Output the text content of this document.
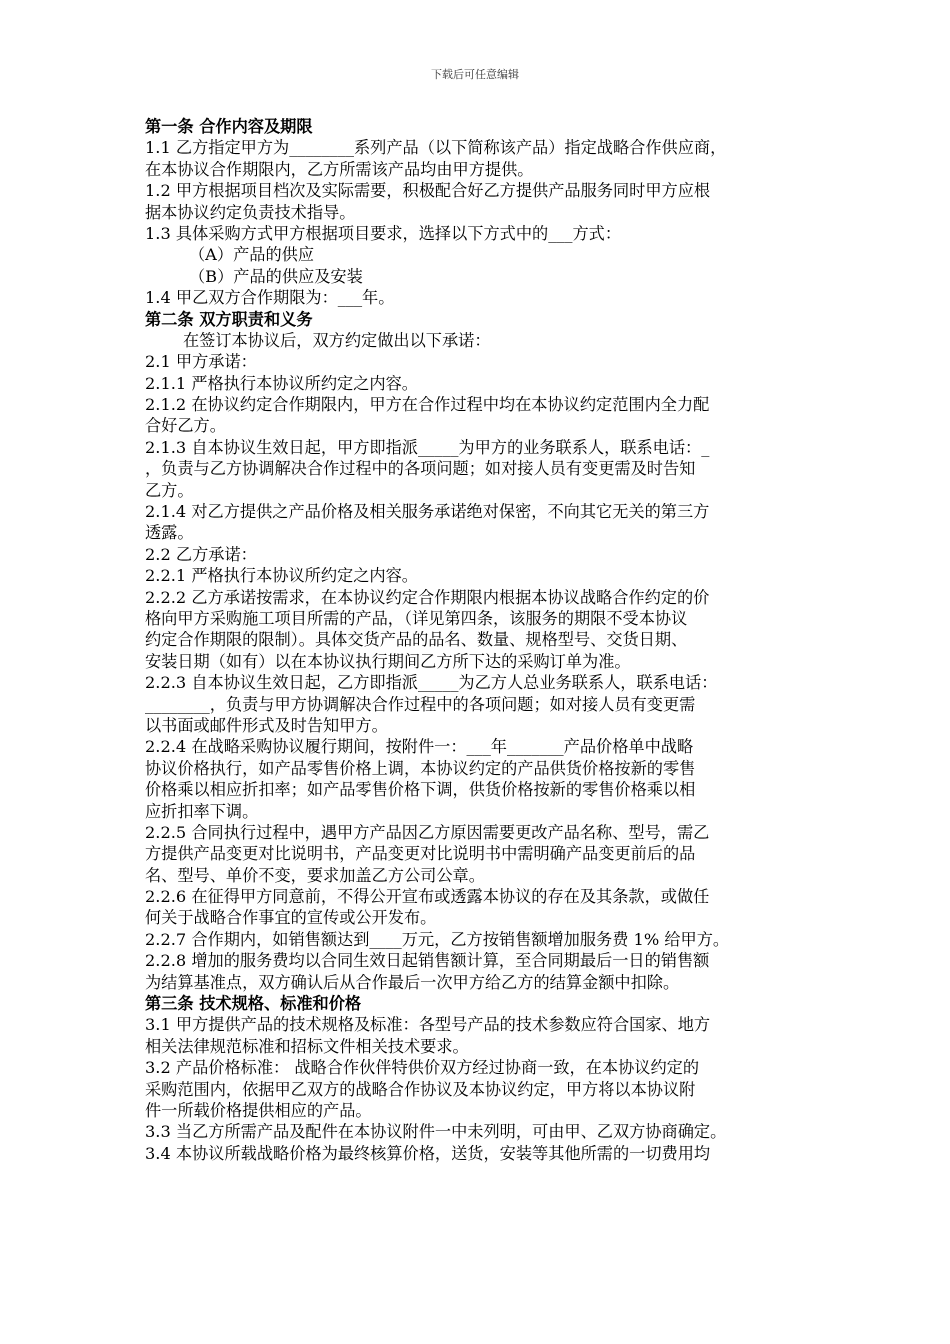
下载后可任意编辑
第一条 合作内容及期限
1.1 乙方指定甲方为________系列产品（以下简称该产品）指定战略合作供应商，
在本协议合作期限内，乙方所需该产品均由甲方提供。
1.2 甲方根据项目档次及实际需要，积极配合好乙方提供产品服务同时甲方应根
据本协议约定负责技术指导。
1.3 具体采购方式甲方根据项目要求，选择以下方式中的___方式：
（A）产品的供应
（B）产品的供应及安装
1.4 甲乙双方合作期限为：___年。
第二条 双方职责和义务
在签订本协议后，双方约定做出以下承诺：
2.1 甲方承诺：
2.1.1 严格执行本协议所约定之内容。
2.1.2 在协议约定合作期限内，甲方在合作过程中均在本协议约定范围内全力配
合好乙方。
2.1.3 自本协议生效日起，甲方即指派_____为甲方的业务联系人，联系电话：_
，负责与乙方协调解决合作过程中的各项问题；如对接人员有变更需及时告知
乙方。
2.1.4 对乙方提供之产品价格及相关服务承诺绝对保密，不向其它无关的第三方
透露。
2.2 乙方承诺：
2.2.1 严格执行本协议所约定之内容。
2.2.2 乙方承诺按需求，在本协议约定合作期限内根据本协议战略合作约定的价
格向甲方采购施工项目所需的产品，（详见第四条，该服务的期限不受本协议
约定合作期限的限制）。具体交货产品的品名、数量、规格型号、交货日期、
安装日期（如有）以在本协议执行期间乙方所下达的采购订单为准。
2.2.3 自本协议生效日起，乙方即指派_____为乙方人总业务联系人，联系电话：
________，负责与甲方协调解决合作过程中的各项问题；如对接人员有变更需
以书面或邮件形式及时告知甲方。
2.2.4 在战略采购协议履行期间，按附件一：___年_______产品价格单中战略
协议价格执行，如产品零售价格上调，本协议约定的产品供货价格按新的零售
价格乘以相应折扣率；如产品零售价格下调，供货价格按新的零售价格乘以相
应折扣率下调。
2.2.5 合同执行过程中，遇甲方产品因乙方原因需要更改产品名称、型号，需乙
方提供产品变更对比说明书，产品变更对比说明书中需明确产品变更前后的品
名、型号、单价不变，要求加盖乙方公司公章。
2.2.6 在征得甲方同意前，不得公开宣布或透露本协议的存在及其条款，或做任
何关于战略合作事宜的宣传或公开发布。
2.2.7 合作期内，如销售额达到____万元，乙方按销售额增加服务费 1% 给甲方。
2.2.8 增加的服务费均以合同生效日起销售额计算，至合同期最后一日的销售额
为结算基准点，双方确认后从合作最后一次甲方给乙方的结算金额中扣除。
第三条 技术规格、标准和价格
3.1 甲方提供产品的技术规格及标准：各型号产品的技术参数应符合国家、地方
相关法律规范标准和招标文件相关技术要求。
3.2 产品价格标准： 战略合作伙伴特供价双方经过协商一致，在本协议约定的
采购范围内，依据甲乙双方的战略合作协议及本协议约定，甲方将以本协议附
件一所载价格提供相应的产品。
3.3 当乙方所需产品及配件在本协议附件一中未列明，可由甲、乙双方协商确定。
3.4 本协议所载战略价格为最终核算价格，送货，安装等其他所需的一切费用均
